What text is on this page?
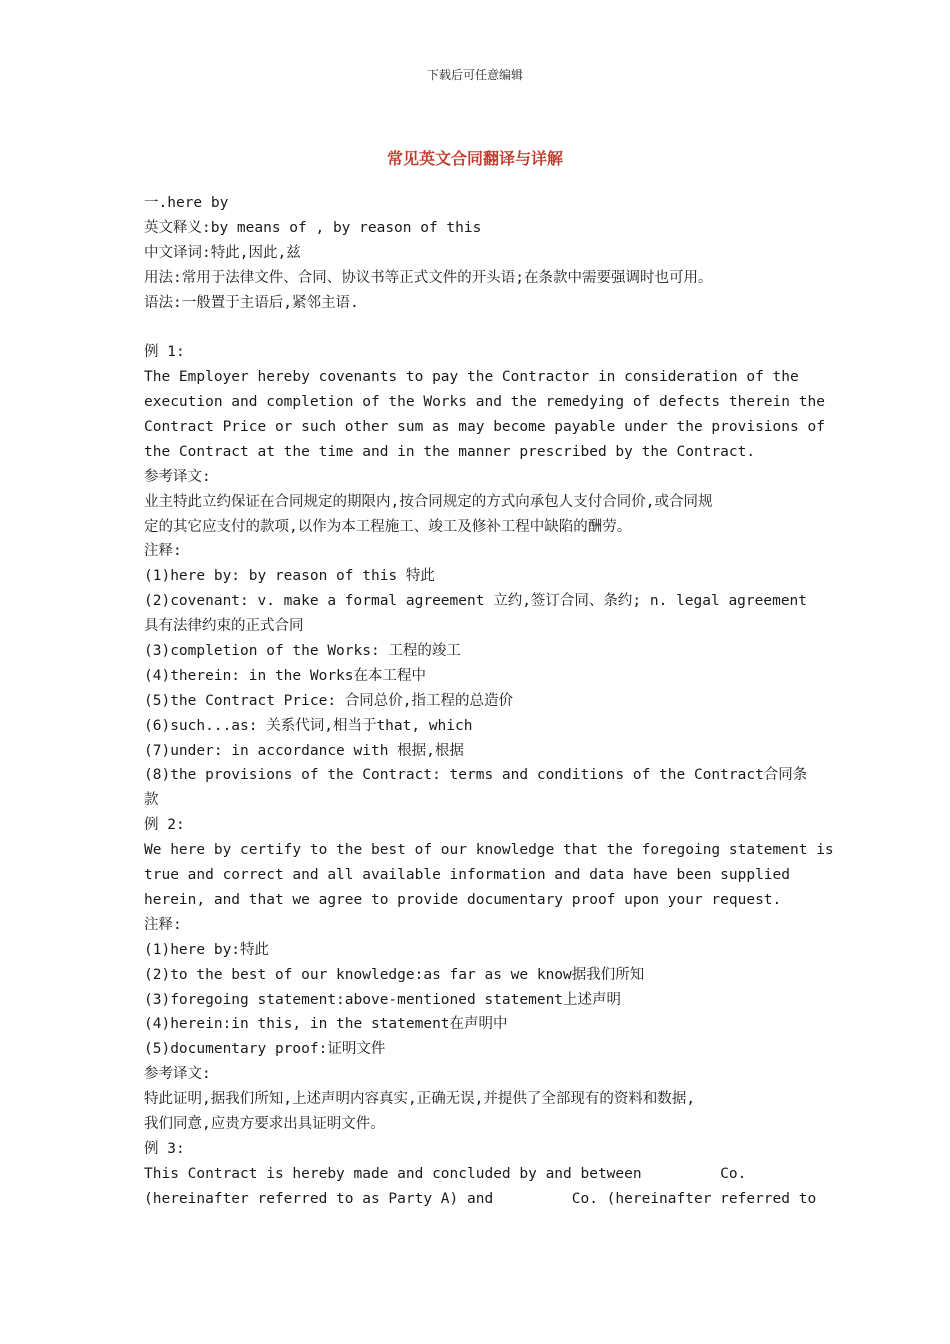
下载后可任意编辑
常见英文合同翻译与详解
一.here by
英文释义:by means of , by reason of this
中文译词:特此,因此,兹
用法:常用于法律文件、合同、协议书等正式文件的开头语;在条款中需要强调时也可用。
语法:一般置于主语后,紧邻主语.
例 1:
The Employer hereby covenants to pay the Contractor in consideration of the
execution and completion of the Works and the remedying of defects therein the
Contract Price or such other sum as may become payable under the provisions of
the Contract at the time and in the manner prescribed by the Contract.
参考译文:
业主特此立约保证在合同规定的期限内,按合同规定的方式向承包人支付合同价,或合同规
定的其它应支付的款项,以作为本工程施工、竣工及修补工程中缺陷的酬劳。
注释:
(1)here by: by reason of this 特此
(2)covenant: v. make a formal agreement 立约,签订合同、条约; n. legal agreement
具有法律约束的正式合同
(3)completion of the Works: 工程的竣工
(4)therein: in the Works在本工程中
(5)the Contract Price: 合同总价,指工程的总造价
(6)such...as: 关系代词,相当于that, which
(7)under: in accordance with 根据,根据
(8)the provisions of the Contract: terms and conditions of the Contract合同条
款
例 2:
We here by certify to the best of our knowledge that the foregoing statement is
true and correct and all available information and data have been supplied
herein, and that we agree to provide documentary proof upon your request.
注释:
(1)here by:特此
(2)to the best of our knowledge:as far as we know据我们所知
(3)foregoing statement:above-mentioned statement上述声明
(4)herein:in this, in the statement在声明中
(5)documentary proof:证明文件
参考译文:
特此证明,据我们所知,上述声明内容真实,正确无误,并提供了全部现有的资料和数据,
我们同意,应贵方要求出具证明文件。
例 3:
This Contract is hereby made and concluded by and between         Co.
(hereinafter referred to as Party A) and         Co. (hereinafter referred to
